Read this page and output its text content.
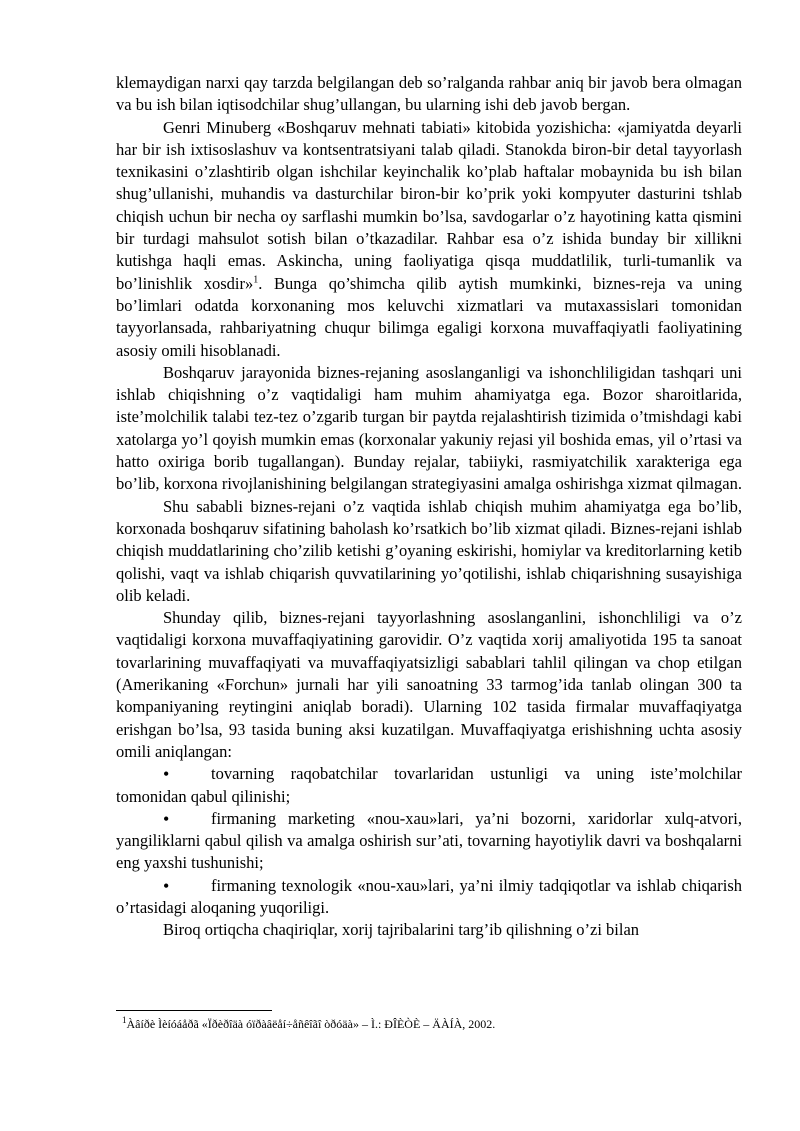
klemaydigan narxi qay tarzda belgilangan deb so’ralganda rahbar aniq bir javob bera olmagan va bu ish bilan iqtisodchilar shug’ullangan, bu ularning ishi deb javob bergan.

Genri Minuberg «Boshqaruv mehnati tabiati» kitobida yozishicha: «jamiyatda deyarli har bir ish ixtisoslashuv va kontsentratsiyani talab qiladi. Stanokda biron-bir detal tayyorlash texnikasini o’zlashtirib olgan ishchilar keyinchalik ko’plab haftalar mobaynida bu ish bilan shug’ullanishi, muhandis va dasturchilar biron-bir ko’prik yoki kompyuter dasturini tshlab chiqish uchun bir necha oy sarflashi mumkin bo’lsa, savdogarlar o’z hayotining katta qismini bir turdagi mahsulot sotish bilan o’tkazadilar. Rahbar esa o’z ishida bunday bir xillikni kutishga haqli emas. Askincha, uning faoliyatiga qisqa muddatlilik, turli-tumanlik va bo’linishlik xosdir»$^1$. Bunga qo’shimcha qilib aytish mumkinki, biznes-reja va uning bo’limlari odatda korxonaning mos keluvchi xizmatlari va mutaxassislari tomonidan tayyorlansada, rahbariyatning chuqur bilimga egaligi korxona muvaffaqiyatli faoliyatining asosiy omili hisoblanadi.

Boshqaruv jarayonida biznes-rejaning asoslanganligi va ishonchliligidan tashqari uni ishlab chiqishning o’z vaqtidaligi ham muhim ahamiyatga ega. Bozor sharoitlarida, iste’molchilik talabi tez-tez o’zgarib turgan bir paytda rejalashtirish tizimida o’tmishdagi kabi xatolarga yo’l qoyish mumkin emas (korxonalar yakuniy rejasi yil boshida emas, yil o’rtasi va hatto oxiriga borib tugallangan). Bunday rejalar, tabiiyki, rasmiyatchilik xarakteriga ega bo’lib, korxona rivojlanishining belgilangan strategiyasini amalga oshirishga xizmat qilmagan.

Shu sababli biznes-rejani o’z vaqtida ishlab chiqish muhim ahamiyatga ega bo’lib, korxonada boshqaruv sifatining baholash ko’rsatkich bo’lib xizmat qiladi. Biznes-rejani ishlab chiqish muddatlarining cho’zilib ketishi g’oyaning eskirishi, homiylar va kreditorlarning ketib qolishi, vaqt va ishlab chiqarish quvvatilarining yo’qotilishi, ishlab chiqarishning susayishiga olib keladi.

Shunday qilib, biznes-rejani tayyorlashning asoslanganlini, ishonchliligi va o’z vaqtidaligi korxona muvaffaqiyatining garovidir. O’z vaqtida xorij amaliyotida 195 ta sanoat tovarlarining muvaffaqiyati va muvaffaqiyatsizligi sabablari tahlil qilingan va chop etilgan (Amerikaning «Forchun» jurnali har yili sanoatning 33 tarmog’ida tanlab olingan 300 ta kompaniyaning reytingini aniqlab boradi). Ularning 102 tasida firmalar muvaffaqiyatga erishgan bo’lsa, 93 tasida buning aksi kuzatilgan. Muvaffaqiyatga erishishning uchta asosiy omili aniqlangan:

•	tovarning raqobatchilar tovarlaridan ustunligi va uning iste’molchilar tomonidan qabul qilinishi;
•	firmaning marketing «nou-xau»lari, ya’ni bozorni, xaridorlar xulq-atvori, yangiliklarni qabul qilish va amalga oshirish sur’ati, tovarning hayotiylik davri va boshqalarni eng yaxshi tushunishi;
•	firmaning texnologik «nou-xau»lari, ya’ni ilmiy tadqiqotlar va ishlab chiqarish o’rtasidagi aloqaning yuqoriligi.

Biroq ortiqcha chaqiriqlar, xorij tajribalarini targ’ib qilishning o’zi bilan

$^1$Àâíðè Ìèíóáåðã «Ïðèðîäà óïðàâëåí÷åñêîãî òðóäà» – Ì.: ÐÎÈÒÈ – ÄÀÍÀ, 2002.
